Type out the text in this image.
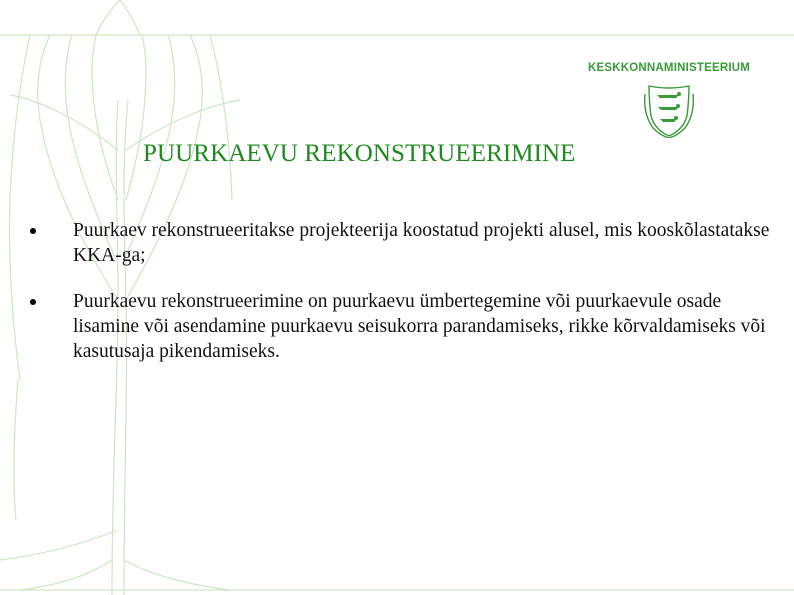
KESKKONNAMINISTEERIUM
PUURKAEVU REKONSTRUEERIMINE
Puurkaev rekonstrueeritakse projekteerija koostatud projekti alusel, mis kooskõlastatakse KKA-ga;
Puurkaevu rekonstrueerimine on puurkaevu ümbertegemine või puurkaevule osade lisamine või asendamine puurkaevu seisukorra parandamiseks, rikke kõrvaldamiseks või kasutusaja pikendamiseks.
